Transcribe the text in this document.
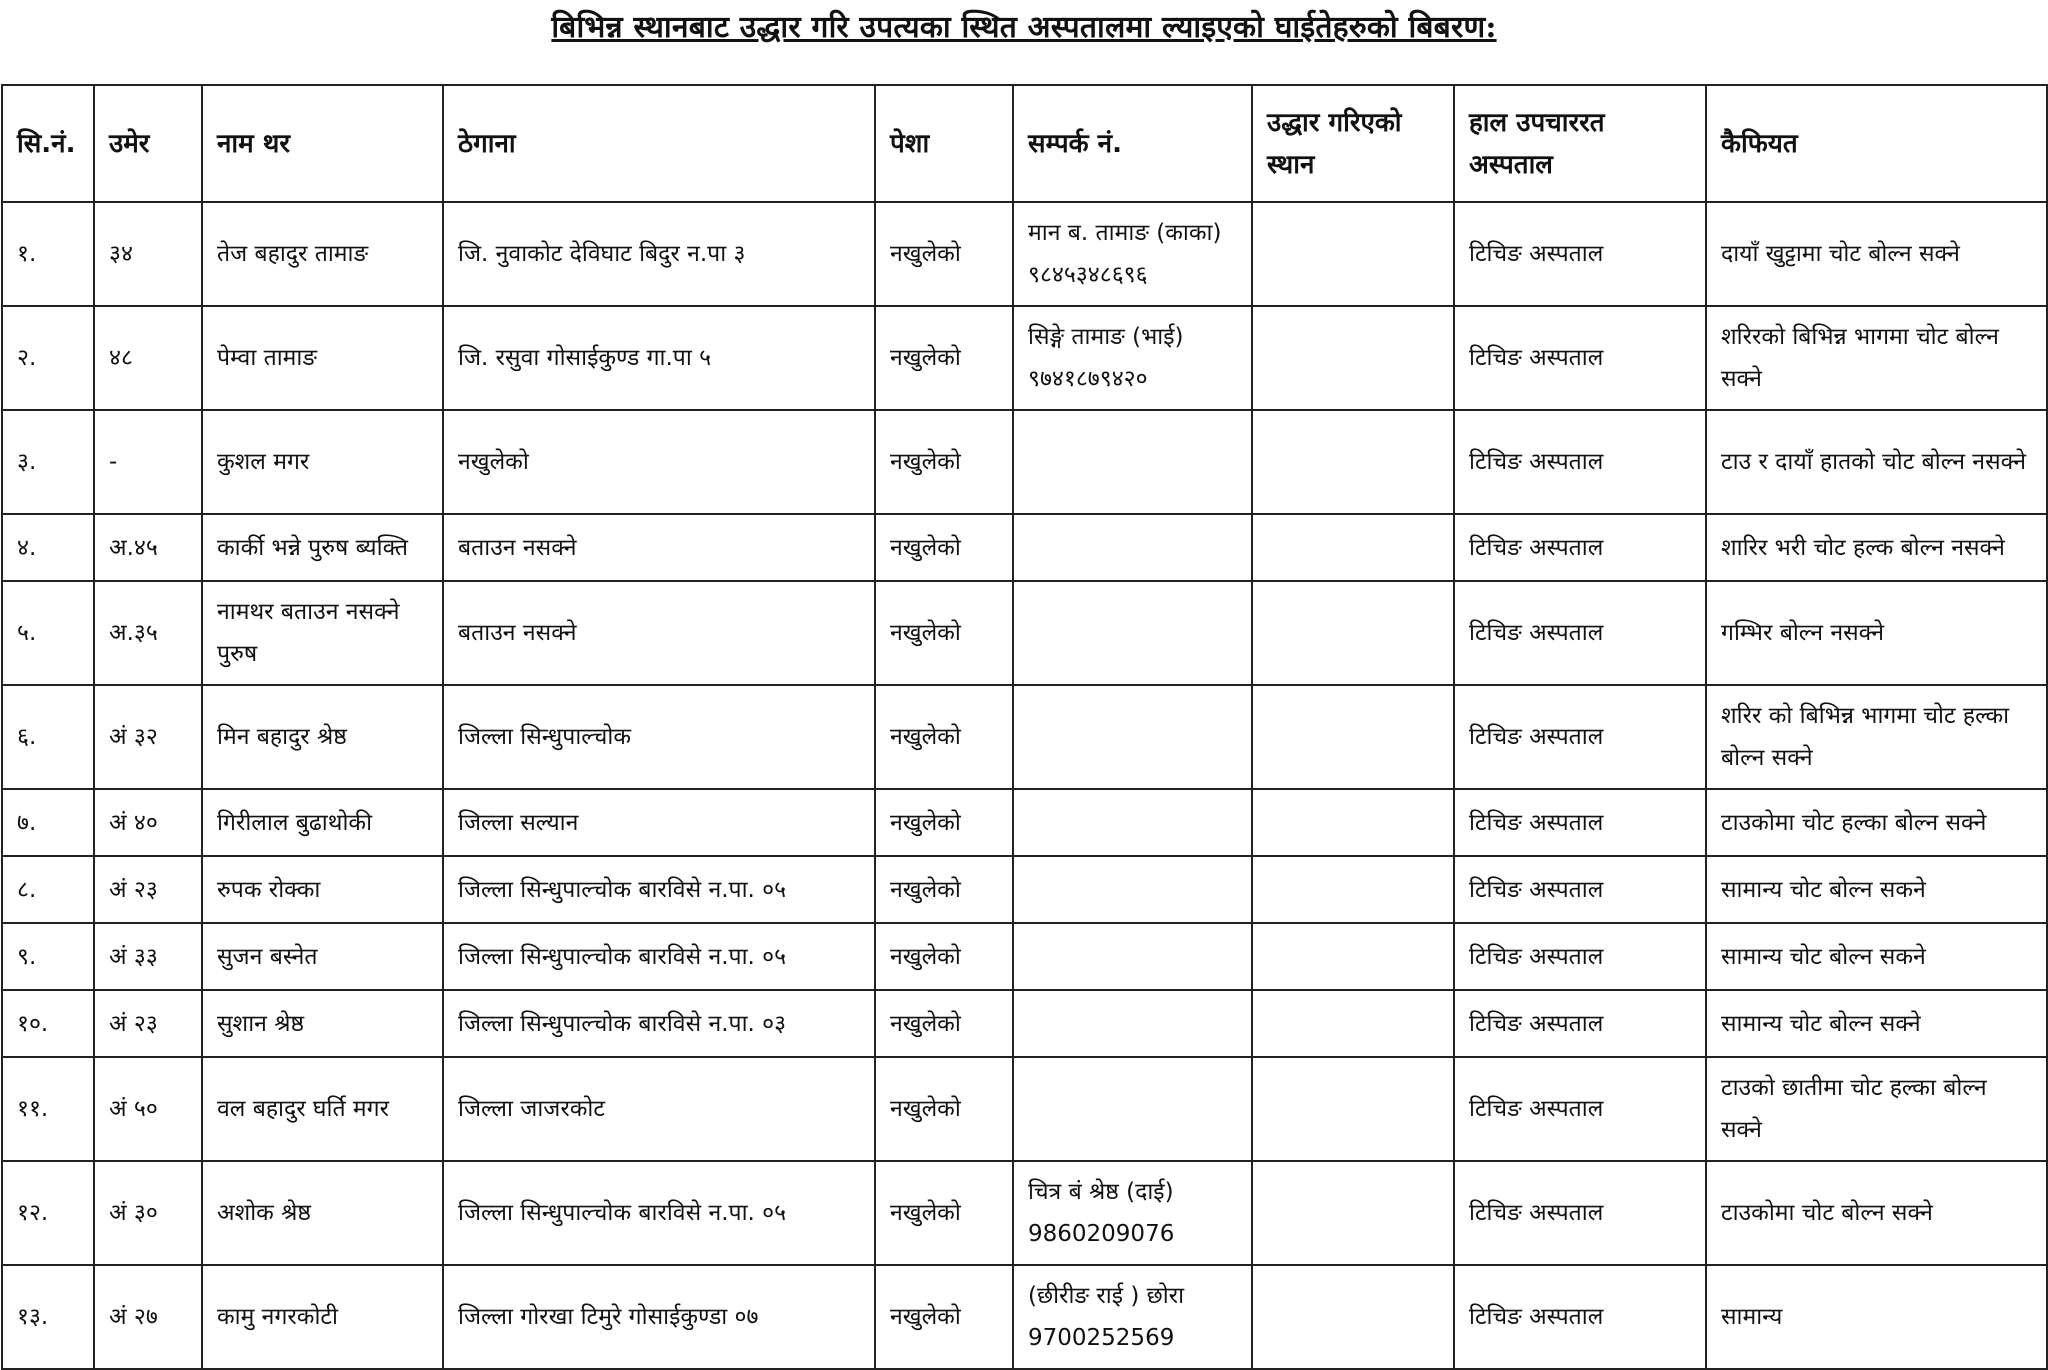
बिभिन्न स्थानबाट उद्धार गरि उपत्यका स्थित अस्पतालमा ल्याइएको घाईतेहरुको बिबरण:
सि.नं.	उमेर	नाम थर	ठेगाना	पेशा	सम्पर्क नं.	उद्धार गरिएको स्थान	हाल उपचाररत अस्पताल	कैफियत
१.	३४	तेज बहादुर तामाङ	जि. नुवाकोट देविघाट बिदुर न.पा ३	नखुलेको	मान ब. तामाङ (काका)
९८४५३४८६९६		टिचिङ अस्पताल	दायाँ खुट्टामा चोट बोल्न सक्ने
२.	४८	पेम्वा तामाङ	जि. रसुवा गोसाईकुण्ड गा.पा ५	नखुलेको	सिङ्गे तामाङ (भाई)
९७४१८७९४२०		टिचिङ अस्पताल	शरिरको बिभिन्न भागमा चोट बोल्न सक्ने
३.	-	कुशल मगर	नखुलेको	नखुलेको			टिचिङ अस्पताल	टाउ र दायाँ हातको चोट बोल्न नसक्ने
४.	अ.४५	कार्की भन्ने पुरुष ब्यक्ति	बताउन नसक्ने	नखुलेको			टिचिङ अस्पताल	शारिर भरी चोट हल्क बोल्न नसक्ने
५.	अ.३५	नामथर बताउन नसक्ने पुरुष	बताउन नसक्ने	नखुलेको			टिचिङ अस्पताल	गम्भिर बोल्न नसक्ने
६.	अं ३२	मिन बहादुर श्रेष्ठ	जिल्ला सिन्धुपाल्चोक	नखुलेको			टिचिङ अस्पताल	शरिर को बिभिन्न भागमा चोट हल्का बोल्न सक्ने
७.	अं ४०	गिरीलाल बुढाथोकी	जिल्ला सल्यान	नखुलेको			टिचिङ अस्पताल	टाउकोमा चोट हल्का बोल्न सक्ने
८.	अं २३	रुपक रोक्का	जिल्ला सिन्धुपाल्चोक बारविसे न.पा. ०५	नखुलेको			टिचिङ अस्पताल	सामान्य चोट बोल्न सकने
९.	अं ३३	सुजन बस्नेत	जिल्ला सिन्धुपाल्चोक बारविसे न.पा. ०५	नखुलेको			टिचिङ अस्पताल	सामान्य चोट बोल्न सकने
१०.	अं २३	सुशान श्रेष्ठ	जिल्ला सिन्धुपाल्चोक बारविसे न.पा. ०३	नखुलेको			टिचिङ अस्पताल	सामान्य चोट बोल्न सक्ने
११.	अं ५०	वल बहादुर घर्ति मगर	जिल्ला जाजरकोट	नखुलेको			टिचिङ अस्पताल	टाउको छातीमा चोट हल्का बोल्न सक्ने
१२.	अं ३०	अशोक श्रेष्ठ	जिल्ला सिन्धुपाल्चोक बारविसे न.पा. ०५	नखुलेको	चित्र बं श्रेष्ठ (दाई)
9860209076		टिचिङ अस्पताल	टाउकोमा चोट बोल्न सक्ने
१३.	अं २७	कामु नगरकोटी	जिल्ला गोरखा टिमुरे गोसाईकुण्डा ०७	नखुलेको	(छीरीङ राई ) छोरा
9700252569		टिचिङ अस्पताल	सामान्य
